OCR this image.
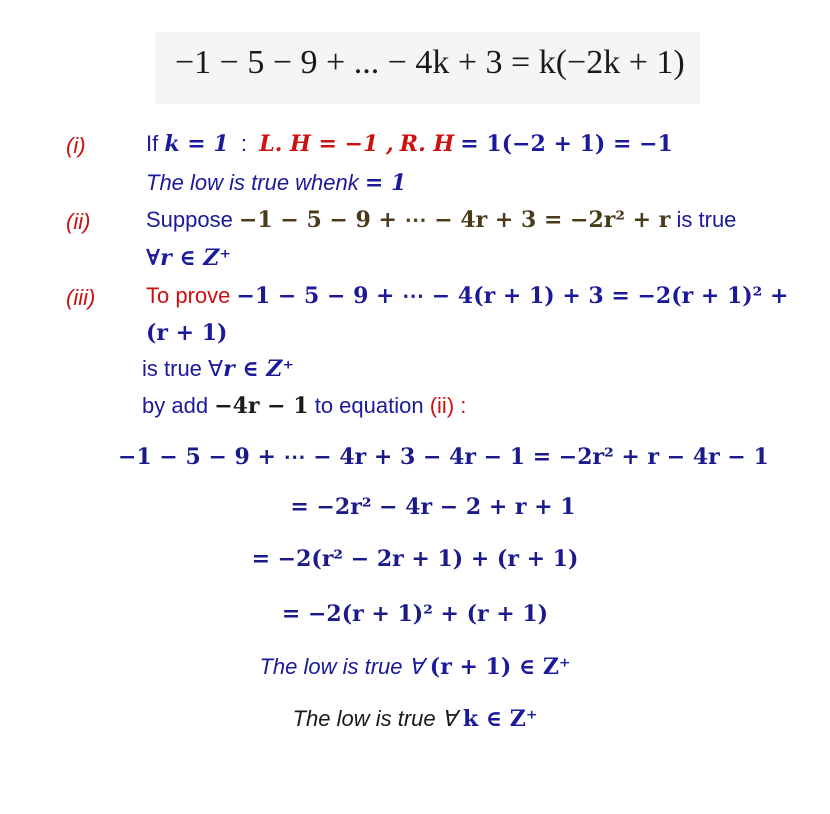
−1 − 5 − 9 + ... − 4k + 3 = k(−2k + 1)
(i)	If k = 1 : L. H = −1 , R. H = 1(−2 + 1) = −1
The low is true whenk = 1
(ii)	Suppose −1 − 5 − 9 + ⋯ − 4r + 3 = −2r² + r is true
∀r ∈ Z⁺
(iii) To prove −1 − 5 − 9 + ⋯ − 4(r + 1) + 3 = −2(r + 1)² +
(r + 1)
is true ∀r ∈ Z⁺
by add −4r − 1 to equation (ii) :
−1 − 5 − 9 + ⋯ − 4r + 3 − 4r − 1 = −2r² + r − 4r − 1
= −2r² − 4r − 2 + r + 1
= −2(r² − 2r + 1) + (r + 1)
= −2(r + 1)² + (r + 1)
The low is true ∀ (r + 1) ∈ Z⁺
The low is true ∀ k ∈ Z⁺
